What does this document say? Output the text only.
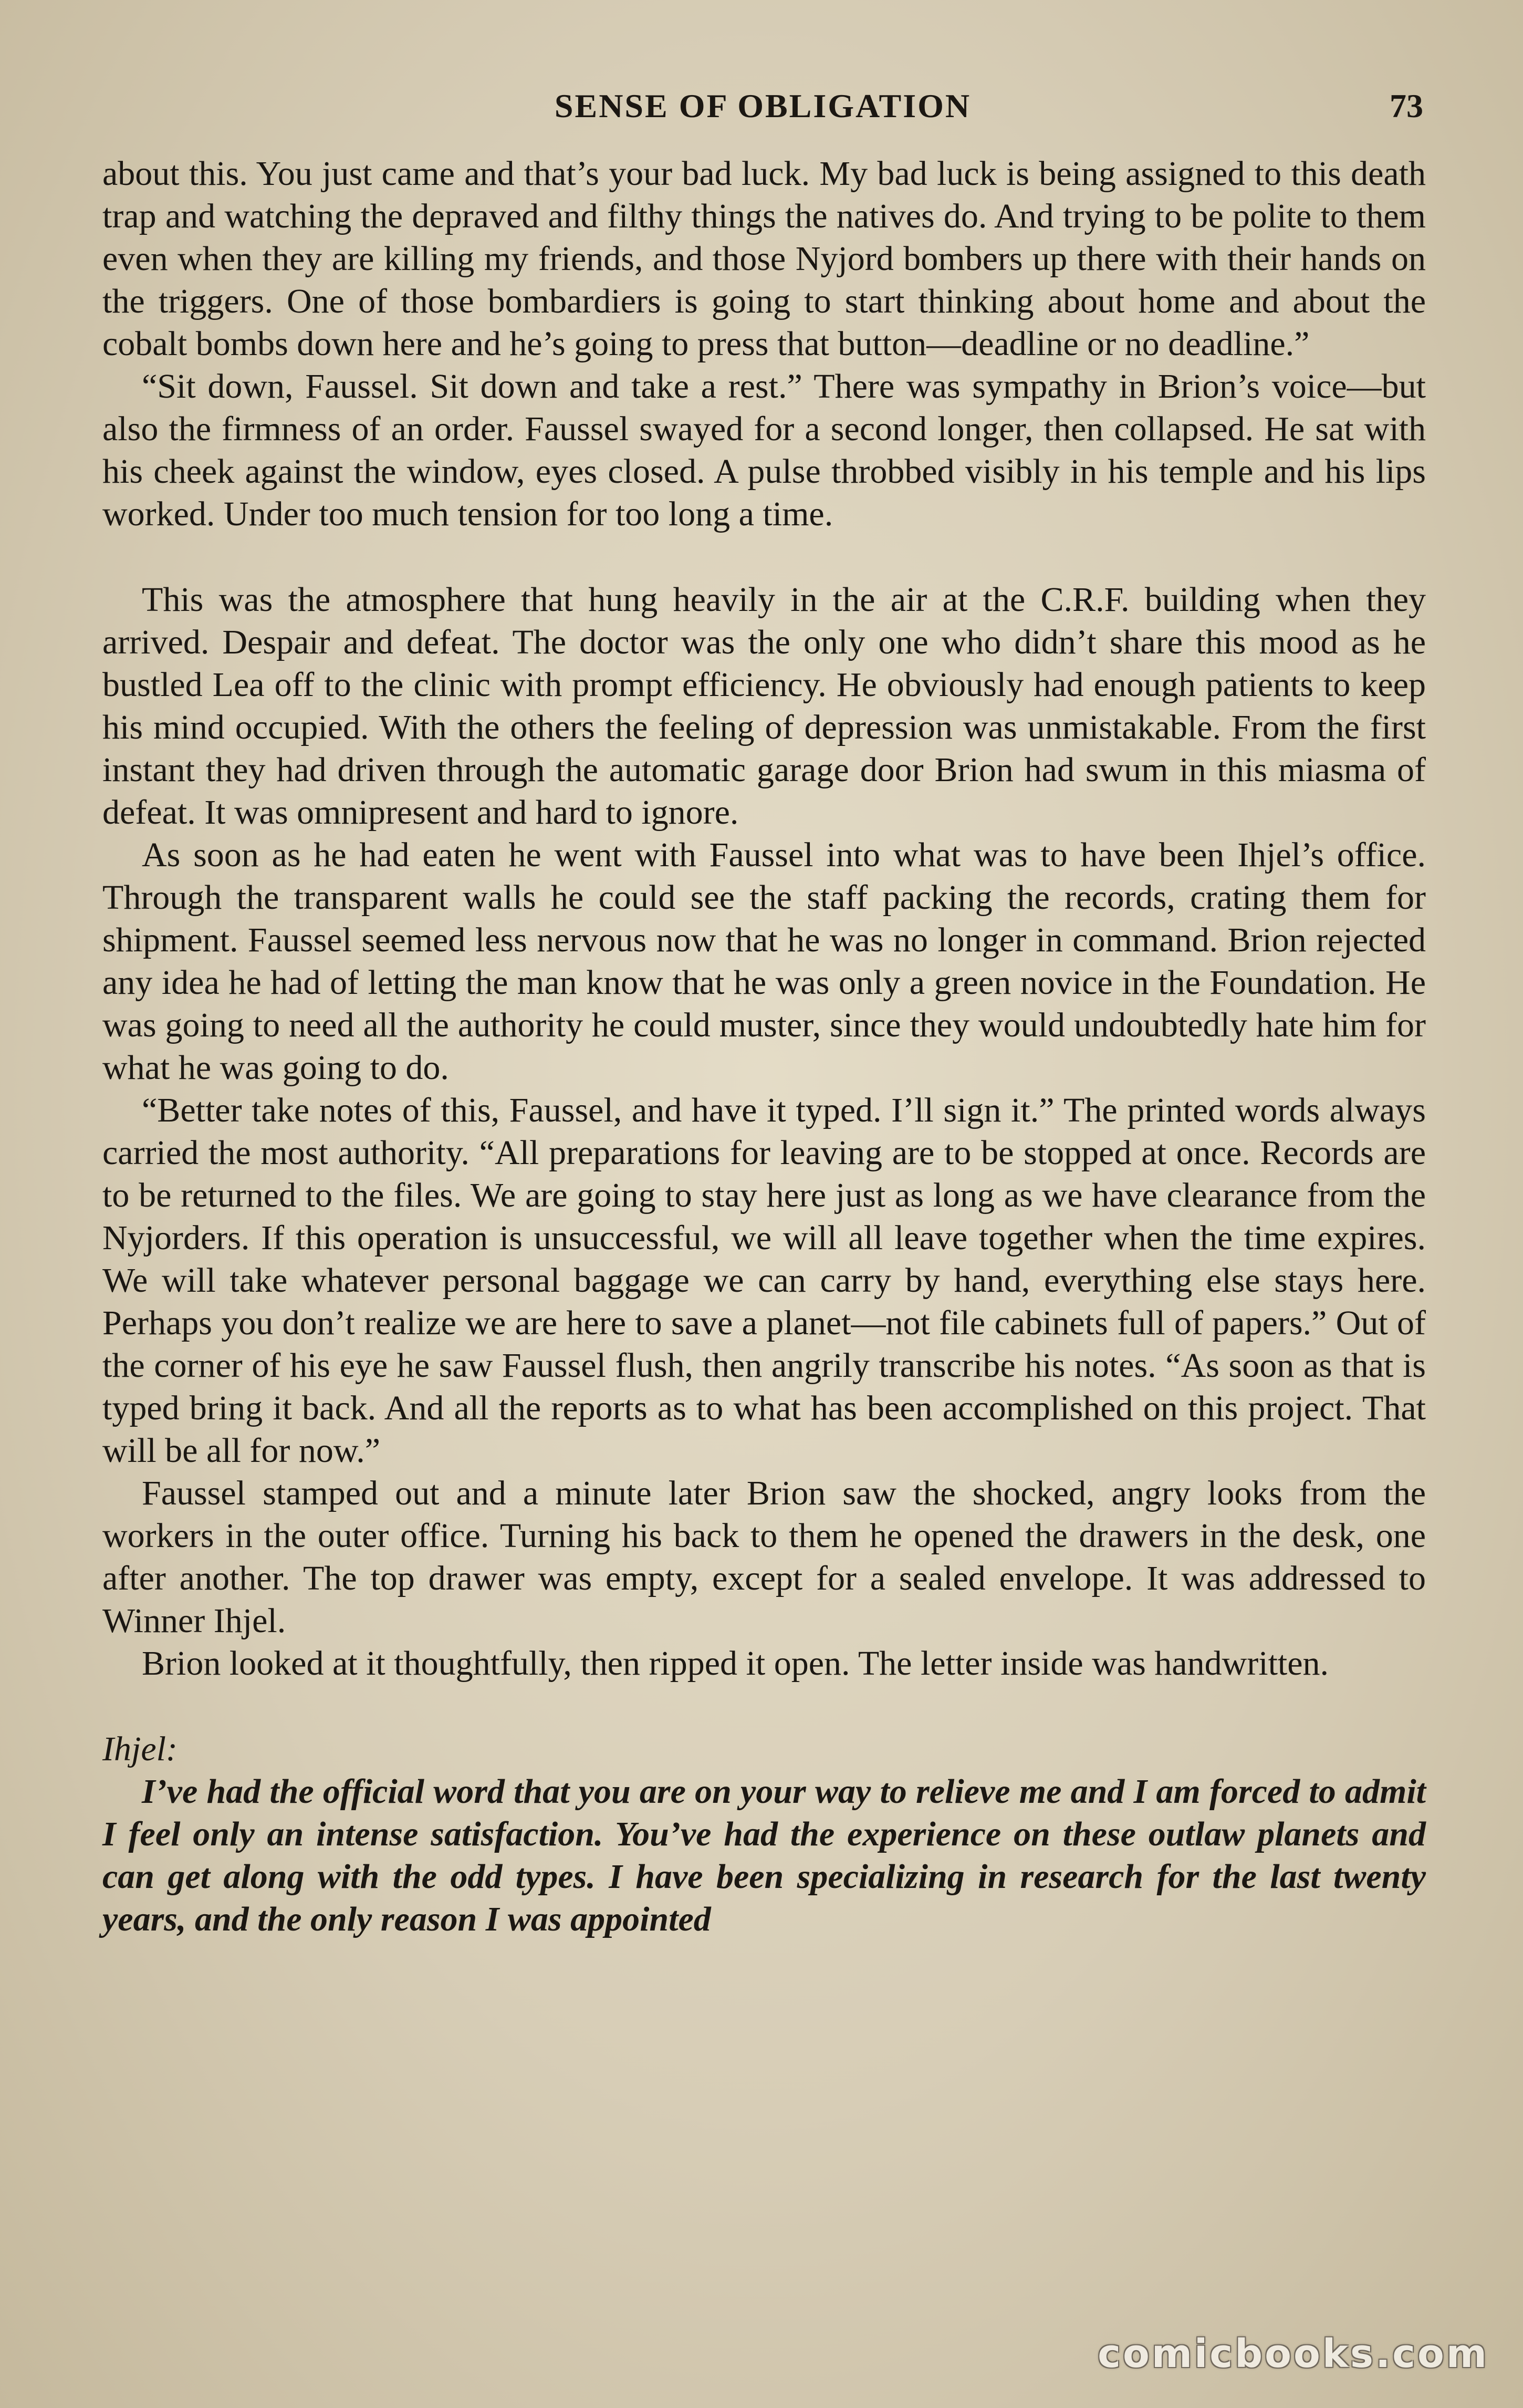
SENSE OF OBLIGATION	73

about this. You just came and that’s your bad luck. My bad luck is being assigned to this death trap and watching the depraved and filthy things the natives do. And trying to be polite to them even when they are killing my friends, and those Nyjord bombers up there with their hands on the triggers. One of those bombardiers is going to start thinking about home and about the cobalt bombs down here and he’s going to press that button—deadline or no deadline.”

“Sit down, Faussel. Sit down and take a rest.” There was sympathy in Brion’s voice—but also the firmness of an order. Faussel swayed for a second longer, then collapsed. He sat with his cheek against the window, eyes closed. A pulse throbbed visibly in his temple and his lips worked. Under too much tension for too long a time.

This was the atmosphere that hung heavily in the air at the C.R.F. building when they arrived. Despair and defeat. The doctor was the only one who didn’t share this mood as he bustled Lea off to the clinic with prompt efficiency. He obviously had enough patients to keep his mind occupied. With the others the feeling of depression was unmistakable. From the first instant they had driven through the automatic garage door Brion had swum in this miasma of defeat. It was omnipresent and hard to ignore.

As soon as he had eaten he went with Faussel into what was to have been Ihjel’s office. Through the transparent walls he could see the staff packing the records, crating them for shipment. Faussel seemed less nervous now that he was no longer in command. Brion rejected any idea he had of letting the man know that he was only a green novice in the Foundation. He was going to need all the authority he could muster, since they would undoubtedly hate him for what he was going to do.

“Better take notes of this, Faussel, and have it typed. I’ll sign it.” The printed words always carried the most authority. “All preparations for leaving are to be stopped at once. Records are to be returned to the files. We are going to stay here just as long as we have clearance from the Nyjorders. If this operation is unsuccessful, we will all leave together when the time expires. We will take whatever personal baggage we can carry by hand, everything else stays here. Perhaps you don’t realize we are here to save a planet—not file cabinets full of papers.” Out of the corner of his eye he saw Faussel flush, then angrily transcribe his notes. “As soon as that is typed bring it back. And all the reports as to what has been accomplished on this project. That will be all for now.”

Faussel stamped out and a minute later Brion saw the shocked, angry looks from the workers in the outer office. Turning his back to them he opened the drawers in the desk, one after another. The top drawer was empty, except for a sealed envelope. It was addressed to Winner Ihjel.

Brion looked at it thoughtfully, then ripped it open. The letter inside was handwritten.

Ihjel:

I’ve had the official word that you are on your way to relieve me and I am forced to admit I feel only an intense satisfaction. You’ve had the experience on these outlaw planets and can get along with the odd types. I have been specializing in research for the last twenty years, and the only reason I was appointed

comicbooks.com
